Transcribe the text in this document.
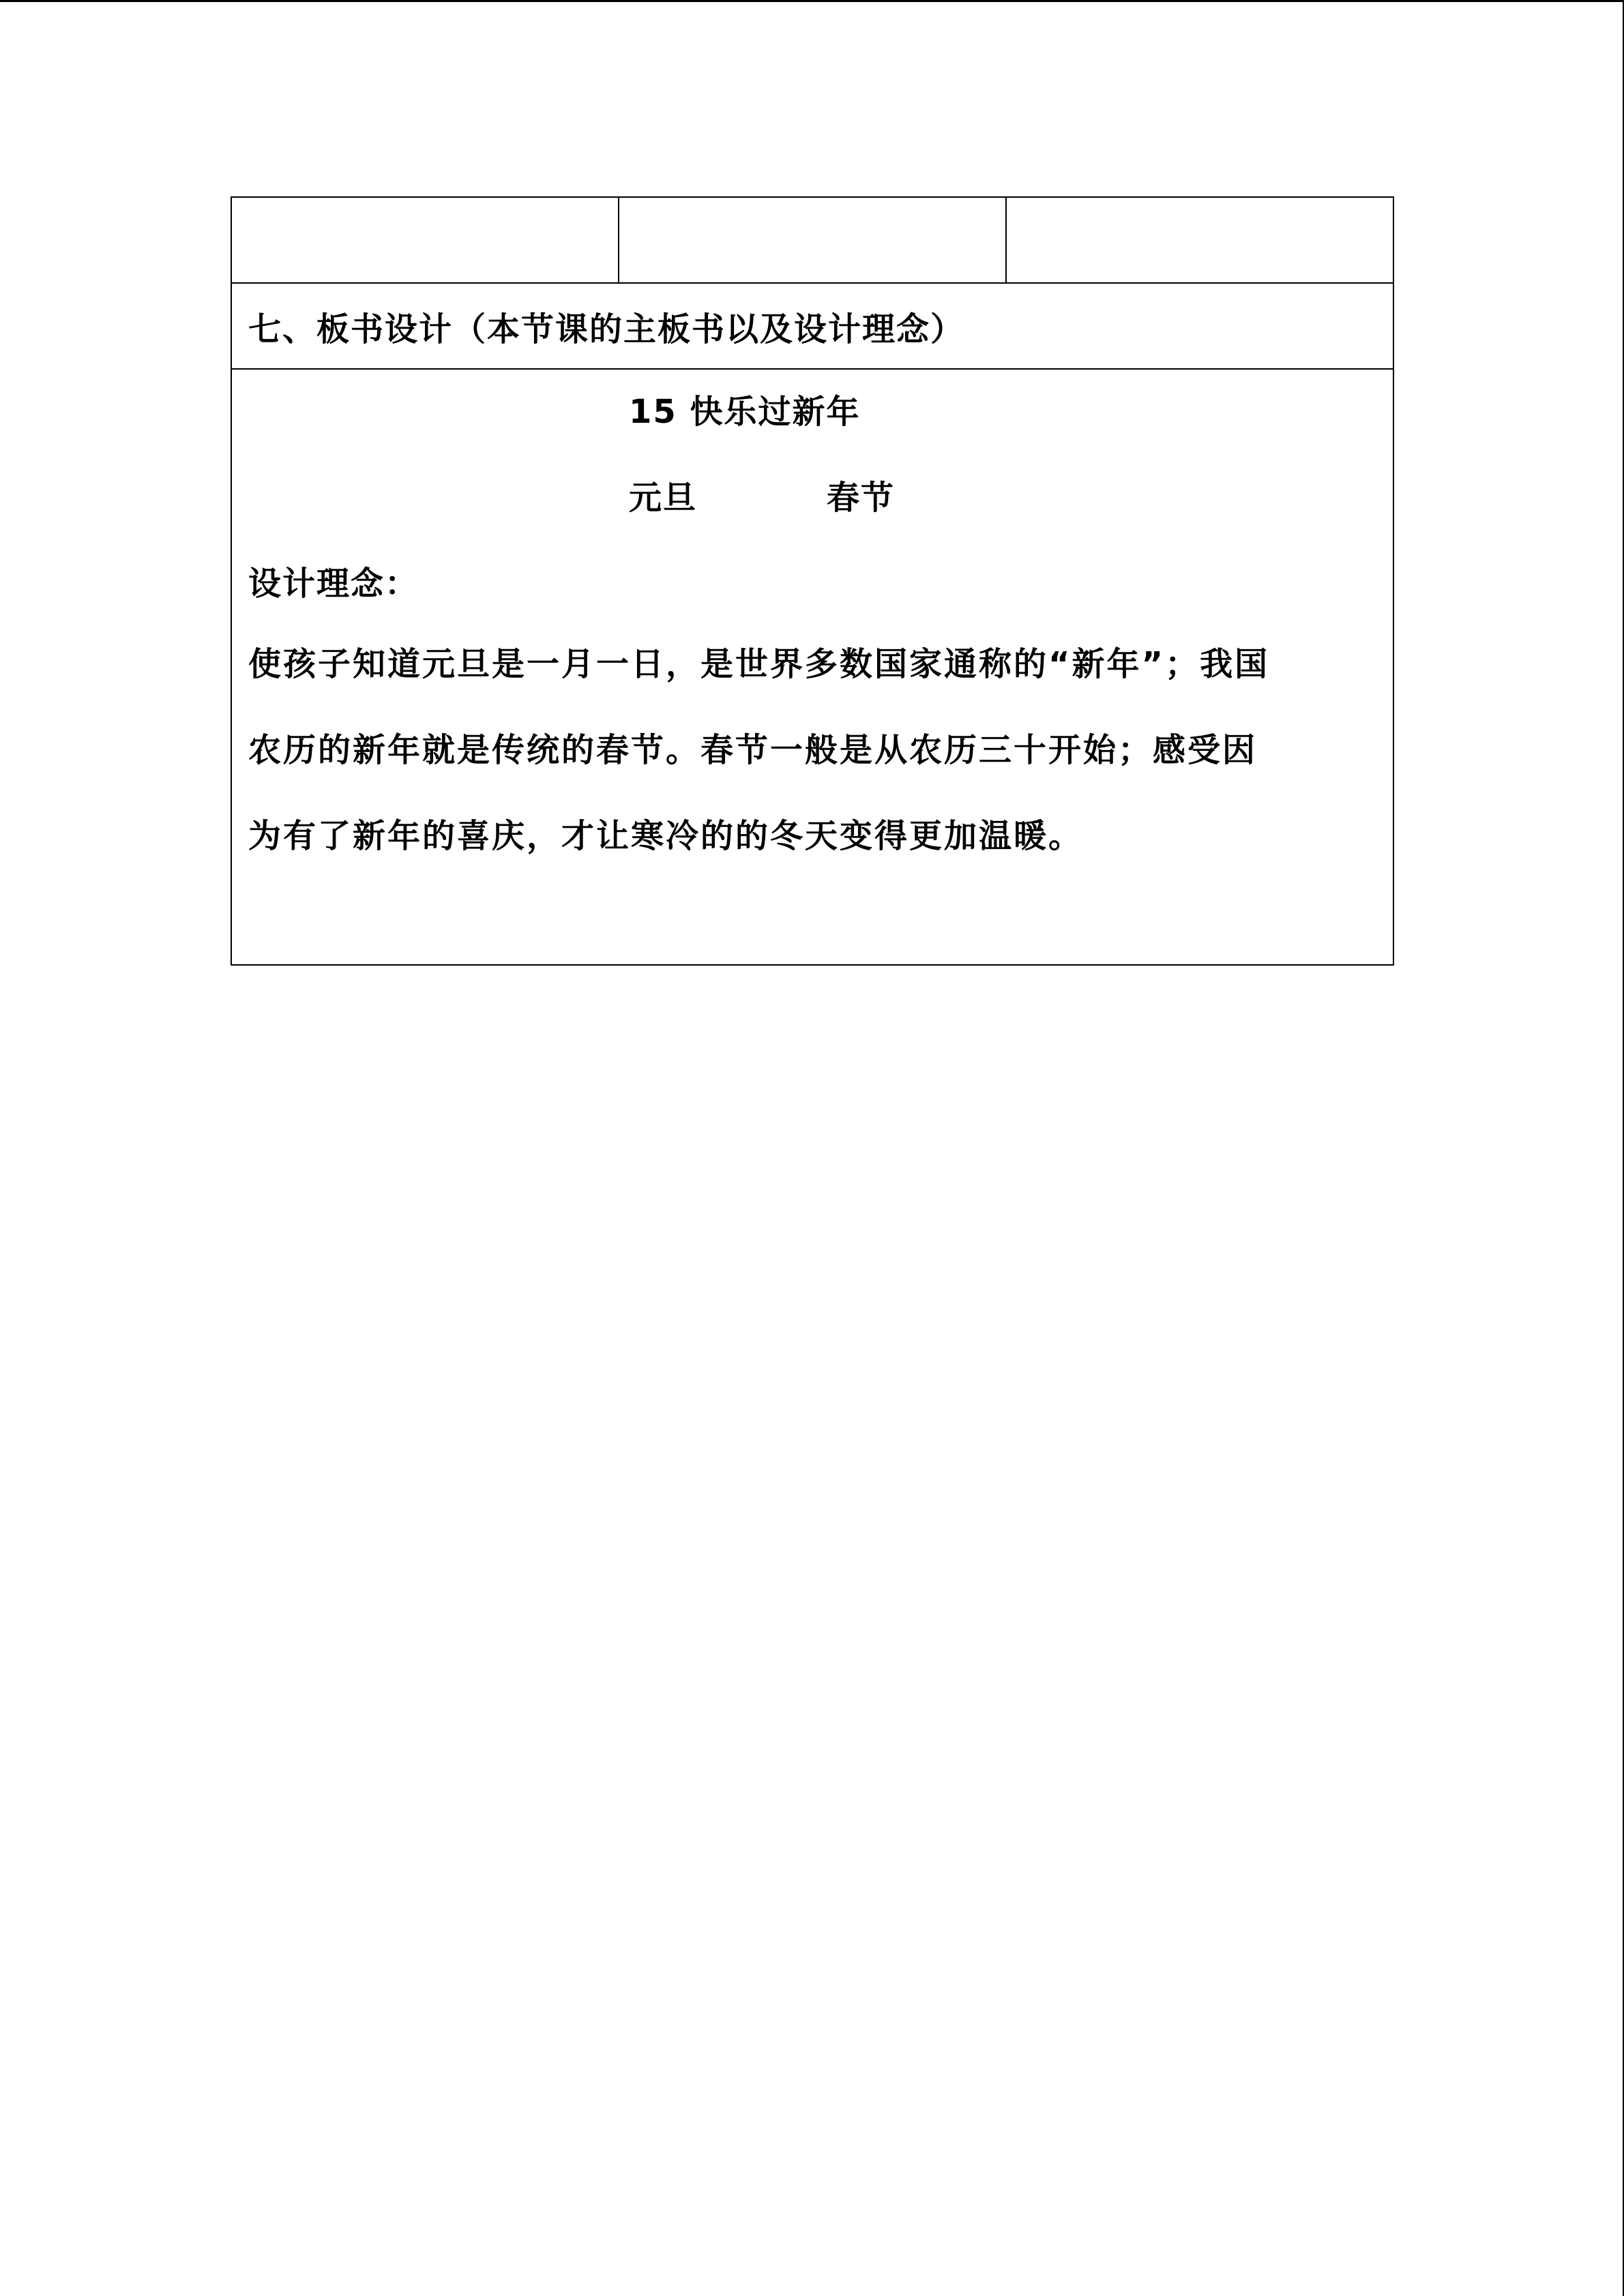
七、板书设计（本节课的主板书以及设计理念）
15 快乐过新年
元旦	春节
设计理念：
使孩子知道元旦是一月一日，是世界多数国家通称的“新年”；我国
农历的新年就是传统的春节。春节一般是从农历三十开始；感受因
为有了新年的喜庆，才让寒冷的的冬天变得更加温暖。
